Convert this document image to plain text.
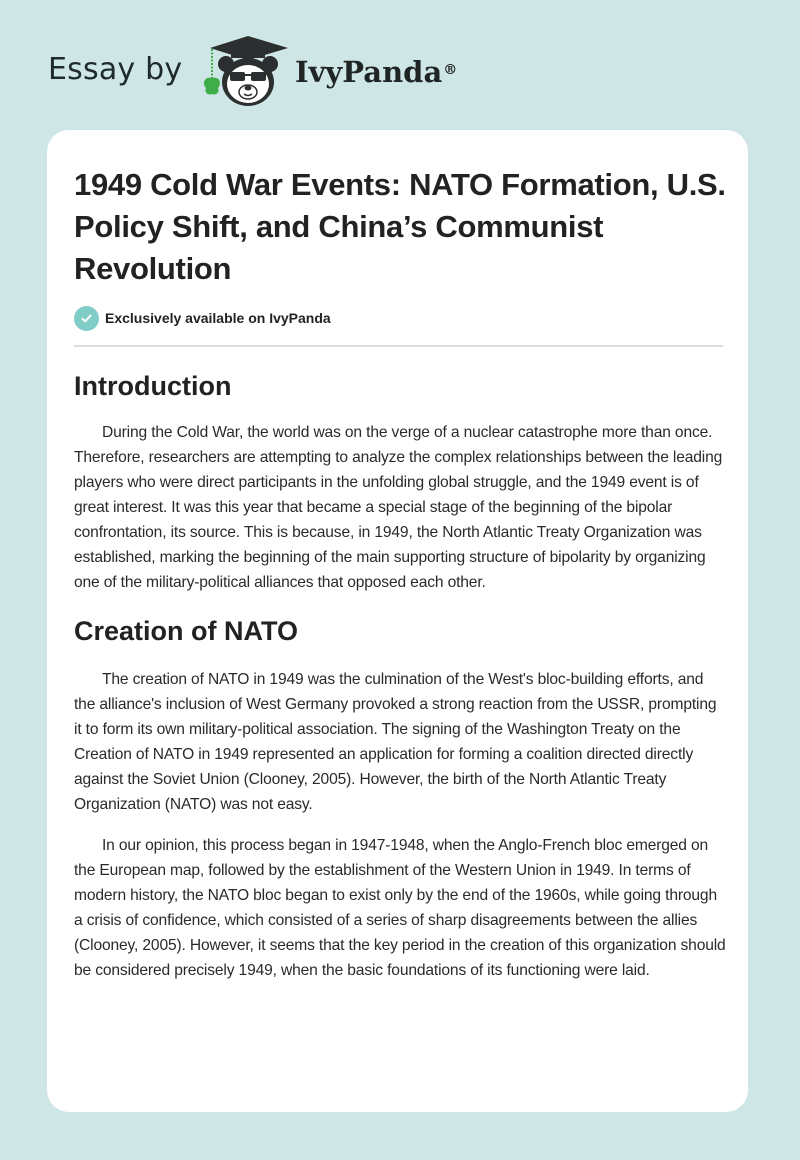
Essay by	IvyPanda®
1949 Cold War Events: NATO Formation, U.S. Policy Shift, and China’s Communist Revolution
Exclusively available on IvyPanda
Introduction

During the Cold War, the world was on the verge of a nuclear catastrophe more than once. Therefore, researchers are attempting to analyze the complex relationships between the leading players who were direct participants in the unfolding global struggle, and the 1949 event is of great interest. It was this year that became a special stage of the beginning of the bipolar confrontation, its source. This is because, in 1949, the North Atlantic Treaty Organization was established, marking the beginning of the main supporting structure of bipolarity by organizing one of the military-political alliances that opposed each other.

Creation of NATO

The creation of NATO in 1949 was the culmination of the West's bloc-building efforts, and the alliance's inclusion of West Germany provoked a strong reaction from the USSR, prompting it to form its own military-political association. The signing of the Washington Treaty on the Creation of NATO in 1949 represented an application for forming a coalition directed directly against the Soviet Union (Clooney, 2005). However, the birth of the North Atlantic Treaty Organization (NATO) was not easy.

In our opinion, this process began in 1947-1948, when the Anglo-French bloc emerged on the European map, followed by the establishment of the Western Union in 1949. In terms of modern history, the NATO bloc began to exist only by the end of the 1960s, while going through a crisis of confidence, which consisted of a series of sharp disagreements between the allies (Clooney, 2005). However, it seems that the key period in the creation of this organization should be considered precisely 1949, when the basic foundations of its functioning were laid.
